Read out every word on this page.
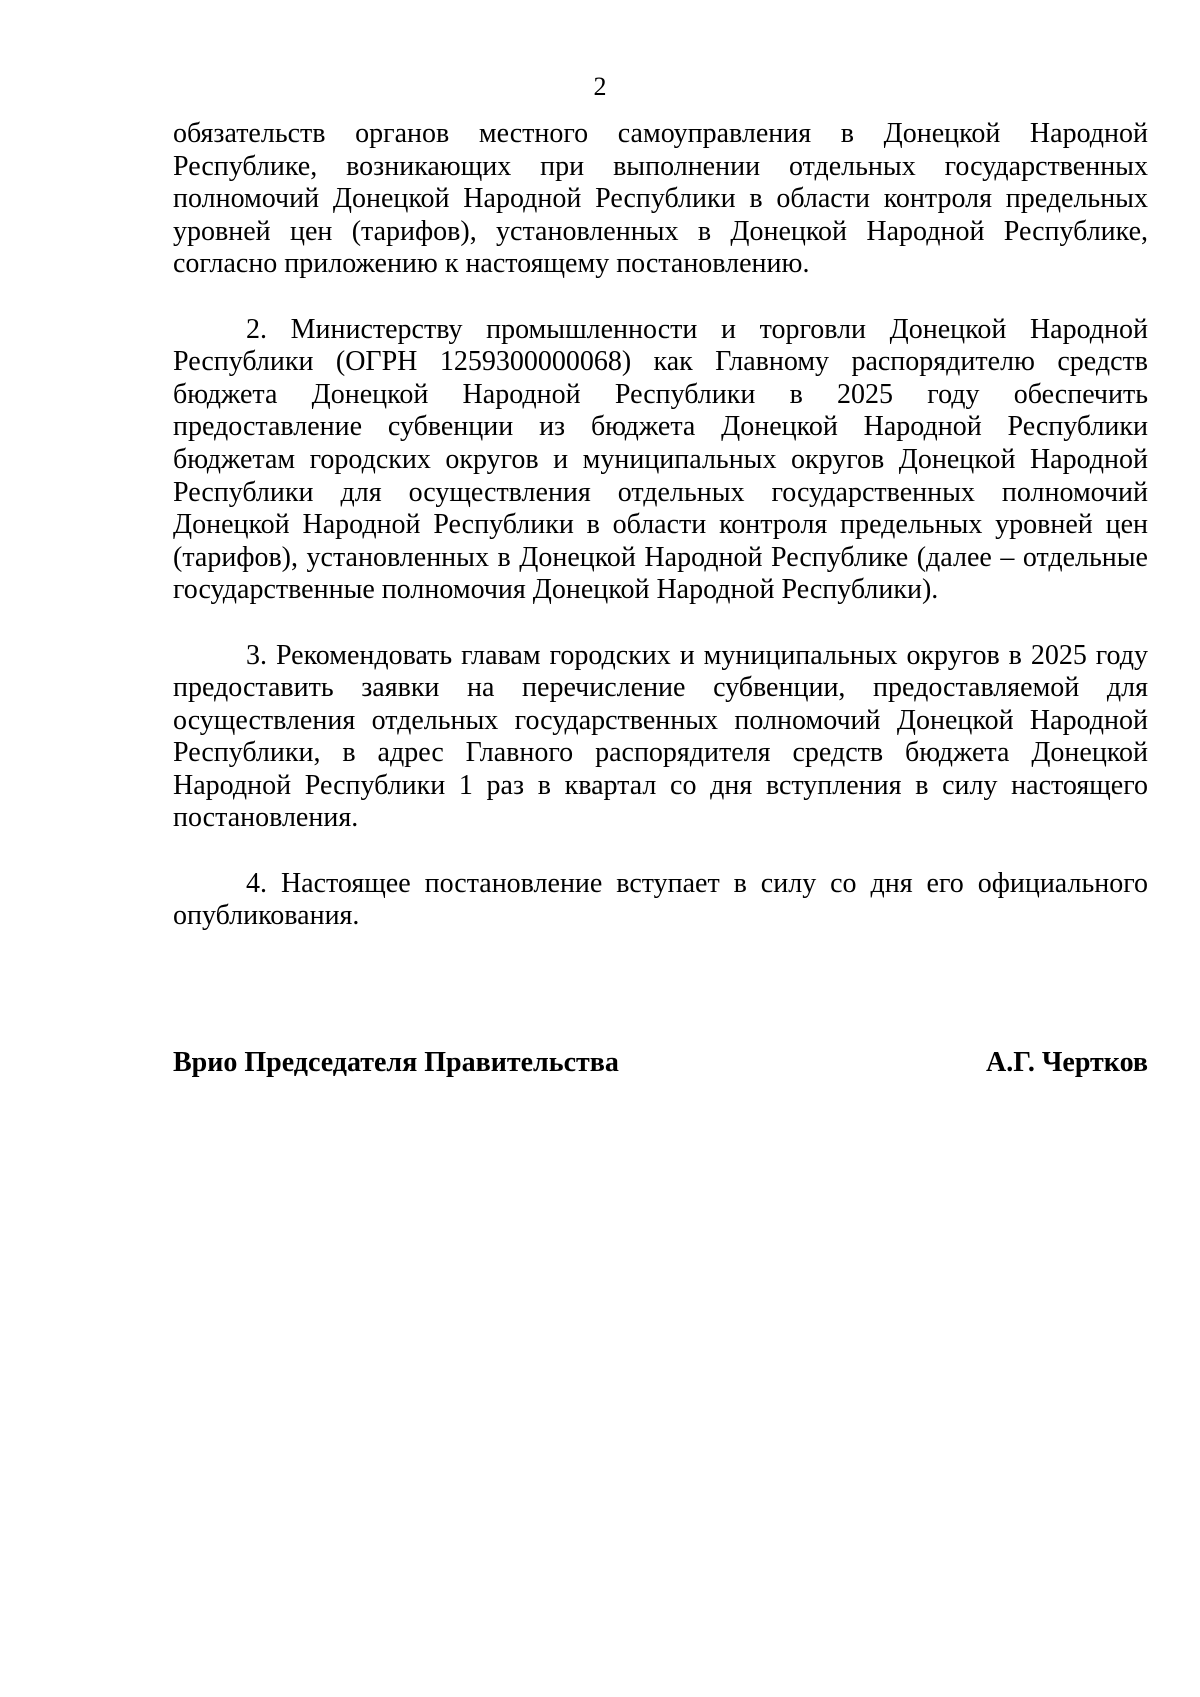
2

обязательств органов местного самоуправления в Донецкой Народной Республике, возникающих при выполнении отдельных государственных полномочий Донецкой Народной Республики в области контроля предельных уровней цен (тарифов), установленных в Донецкой Народной Республике, согласно приложению к настоящему постановлению.

2. Министерству промышленности и торговли Донецкой Народной Республики (ОГРН 1259300000068) как Главному распорядителю средств бюджета Донецкой Народной Республики в 2025 году обеспечить предоставление субвенции из бюджета Донецкой Народной Республики бюджетам городских округов и муниципальных округов Донецкой Народной Республики для осуществления отдельных государственных полномочий Донецкой Народной Республики в области контроля предельных уровней цен (тарифов), установленных в Донецкой Народной Республике (далее – отдельные государственные полномочия Донецкой Народной Республики).

3. Рекомендовать главам городских и муниципальных округов в 2025 году предоставить заявки на перечисление субвенции, предоставляемой для осуществления отдельных государственных полномочий Донецкой Народной Республики, в адрес Главного распорядителя средств бюджета Донецкой Народной Республики 1 раз в квартал со дня вступления в силу настоящего постановления.

4. Настоящее постановление вступает в силу со дня его официального опубликования.

Врио Председателя Правительства	А.Г. Чертков
